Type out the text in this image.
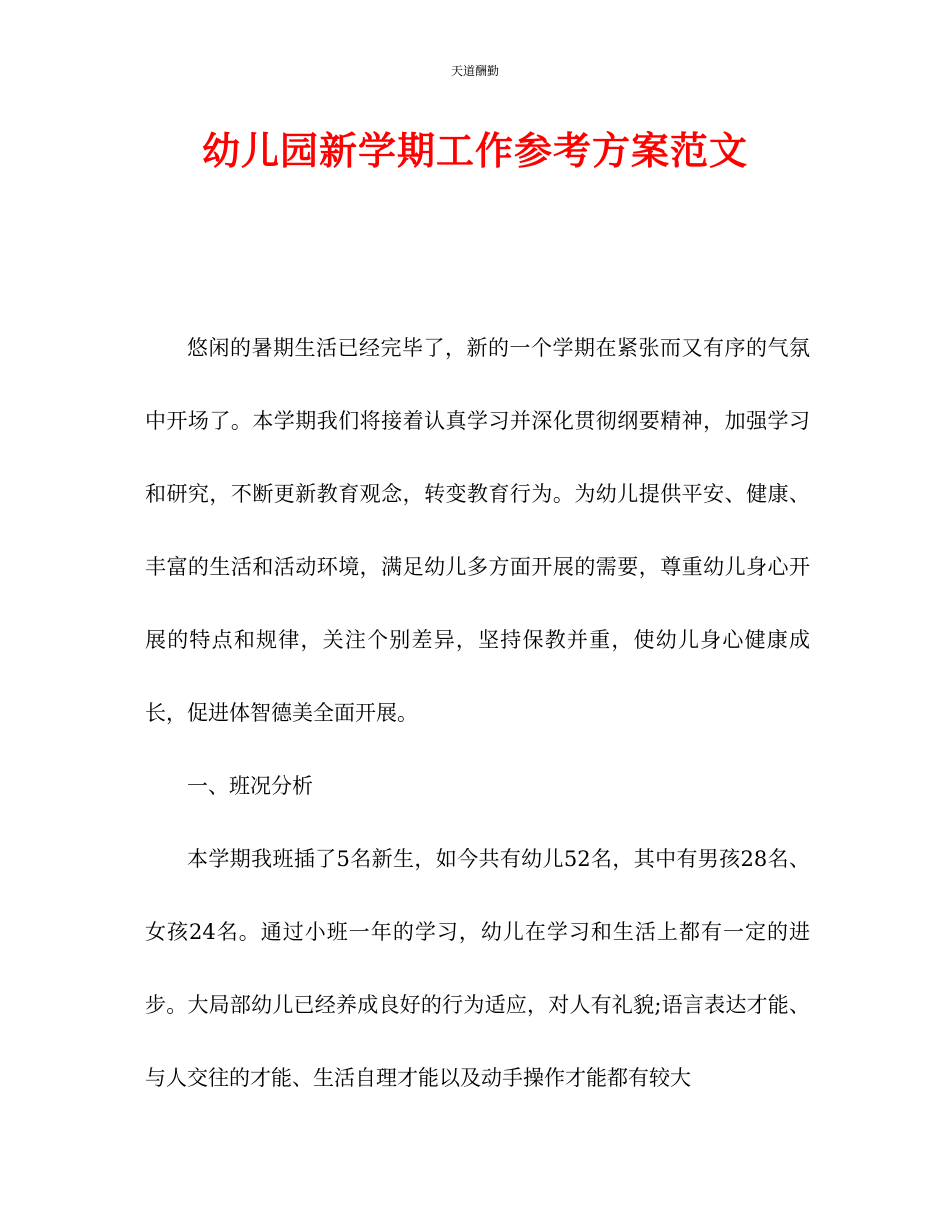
天道酬勤
幼儿园新学期工作参考方案范文

悠闲的暑期生活已经完毕了，新的一个学期在紧张而又有序的气氛中开场了。本学期我们将接着认真学习并深化贯彻纲要精神，加强学习和研究，不断更新教育观念，转变教育行为。为幼儿提供平安、健康、丰富的生活和活动环境，满足幼儿多方面开展的需要，尊重幼儿身心开展的特点和规律，关注个别差异，坚持保教并重，使幼儿身心健康成长，促进体智德美全面开展。

一、班况分析

本学期我班插了5名新生，如今共有幼儿52名，其中有男孩28名、女孩24名。通过小班一年的学习，幼儿在学习和生活上都有一定的进步。大局部幼儿已经养成良好的行为适应，对人有礼貌;语言表达才能、与人交往的才能、生活自理才能以及动手操作才能都有较大
